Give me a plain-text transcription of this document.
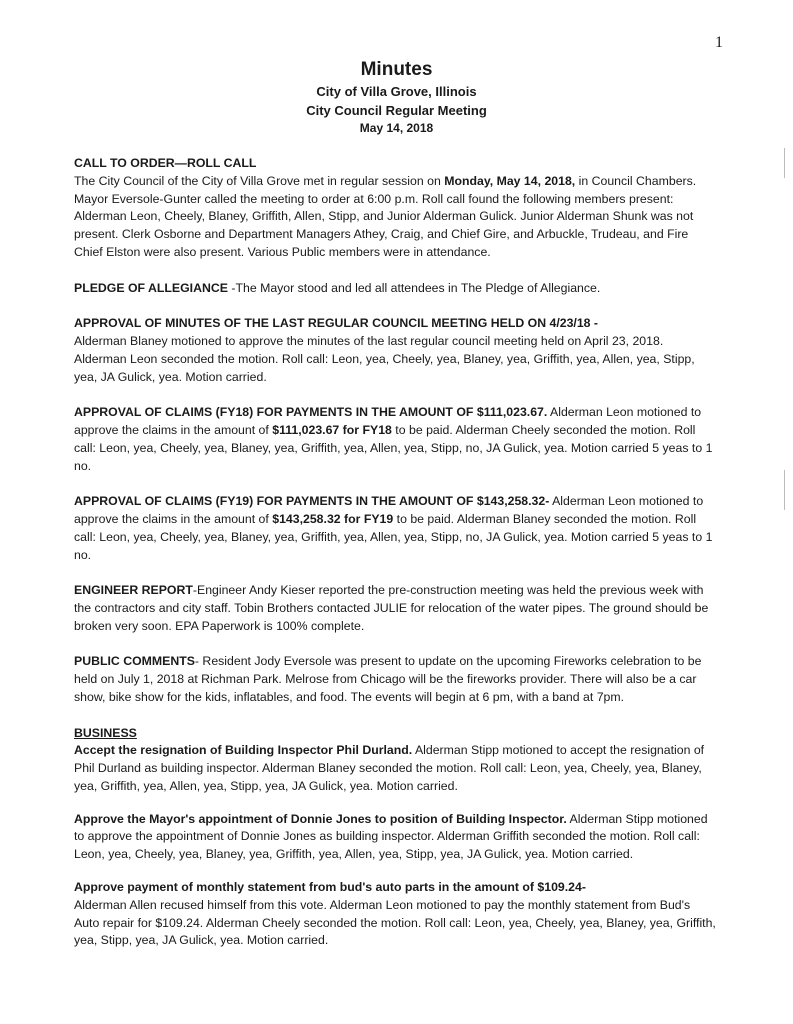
1
Minutes
City of Villa Grove, Illinois
City Council Regular Meeting
May 14, 2018

CALL TO ORDER—ROLL CALL

The City Council of the City of Villa Grove met in regular session on Monday, May 14, 2018, in Council Chambers. Mayor Eversole-Gunter called the meeting to order at 6:00 p.m. Roll call found the following members present: Alderman Leon, Cheely, Blaney, Griffith, Allen, Stipp, and Junior Alderman Gulick. Junior Alderman Shunk was not present. Clerk Osborne and Department Managers Athey, Craig, and Chief Gire, and Arbuckle, Trudeau, and Fire Chief Elston were also present. Various Public members were in attendance.

PLEDGE OF ALLEGIANCE -The Mayor stood and led all attendees in The Pledge of Allegiance.

APPROVAL OF MINUTES OF THE LAST REGULAR COUNCIL MEETING HELD ON 4/23/18 -

Alderman Blaney motioned to approve the minutes of the last regular council meeting held on April 23, 2018. Alderman Leon seconded the motion. Roll call: Leon, yea, Cheely, yea, Blaney, yea, Griffith, yea, Allen, yea, Stipp, yea, JA Gulick, yea. Motion carried.

APPROVAL OF CLAIMS (FY18) FOR PAYMENTS IN THE AMOUNT OF $111,023.67. Alderman Leon motioned to approve the claims in the amount of $111,023.67 for FY18 to be paid. Alderman Cheely seconded the motion. Roll call: Leon, yea, Cheely, yea, Blaney, yea, Griffith, yea, Allen, yea, Stipp, no, JA Gulick, yea. Motion carried 5 yeas to 1 no.

APPROVAL OF CLAIMS (FY19) FOR PAYMENTS IN THE AMOUNT OF $143,258.32- Alderman Leon motioned to approve the claims in the amount of $143,258.32 for FY19 to be paid. Alderman Blaney seconded the motion. Roll call: Leon, yea, Cheely, yea, Blaney, yea, Griffith, yea, Allen, yea, Stipp, no, JA Gulick, yea. Motion carried 5 yeas to 1 no.

ENGINEER REPORT-Engineer Andy Kieser reported the pre-construction meeting was held the previous week with the contractors and city staff. Tobin Brothers contacted JULIE for relocation of the water pipes. The ground should be broken very soon. EPA Paperwork is 100% complete.

PUBLIC COMMENTS- Resident Jody Eversole was present to update on the upcoming Fireworks celebration to be held on July 1, 2018 at Richman Park. Melrose from Chicago will be the fireworks provider. There will also be a car show, bike show for the kids, inflatables, and food. The events will begin at 6 pm, with a band at 7pm.

BUSINESS

Accept the resignation of Building Inspector Phil Durland. Alderman Stipp motioned to accept the resignation of Phil Durland as building inspector. Alderman Blaney seconded the motion. Roll call: Leon, yea, Cheely, yea, Blaney, yea, Griffith, yea, Allen, yea, Stipp, yea, JA Gulick, yea. Motion carried.

Approve the Mayor's appointment of Donnie Jones to position of Building Inspector. Alderman Stipp motioned to approve the appointment of Donnie Jones as building inspector. Alderman Griffith seconded the motion. Roll call: Leon, yea, Cheely, yea, Blaney, yea, Griffith, yea, Allen, yea, Stipp, yea, JA Gulick, yea. Motion carried.

Approve payment of monthly statement from bud's auto parts in the amount of $109.24-

Alderman Allen recused himself from this vote. Alderman Leon motioned to pay the monthly statement from Bud's Auto repair for $109.24. Alderman Cheely seconded the motion. Roll call: Leon, yea, Cheely, yea, Blaney, yea, Griffith, yea, Stipp, yea, JA Gulick, yea. Motion carried.
